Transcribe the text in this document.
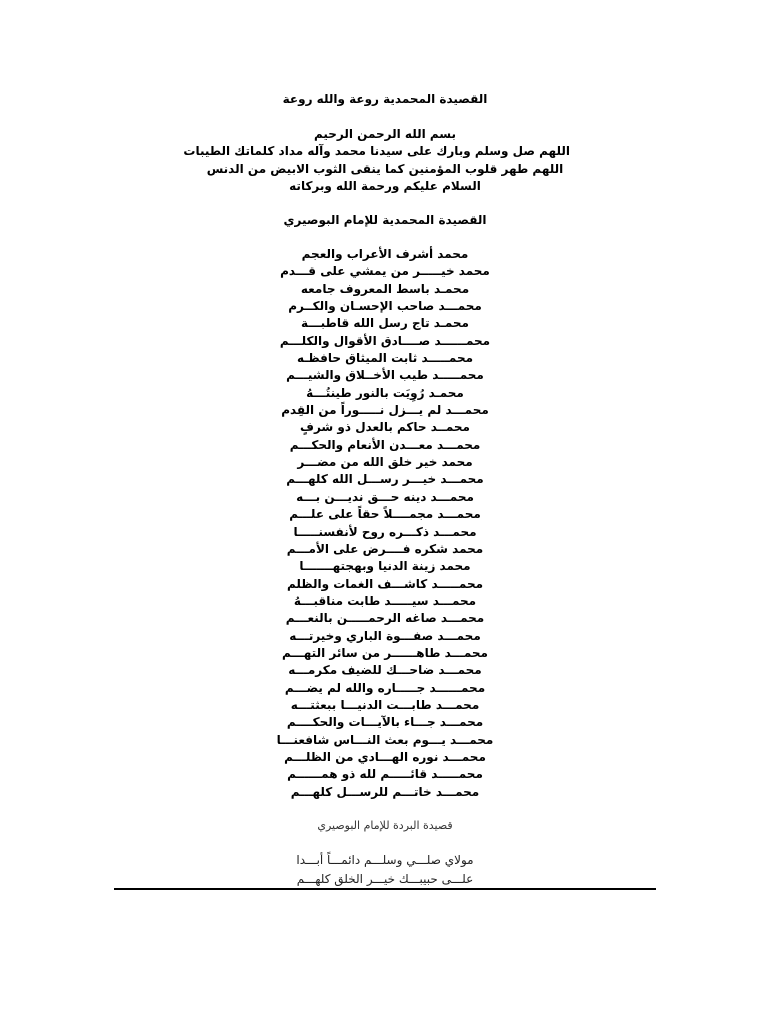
القصيدة المحمدية روعة والله روعة
بسم الله الرحمن الرحيم
اللهم صل وسلم وبارك على سيدنا محمد وآله مداد كلماتك الطيبات
اللهم طهر قلوب المؤمنين كما ينقى الثوب الابيض من الدنس
السلام عليكم ورحمة الله وبركاته
القصيدة المحمدية للإمام البوصيري
محمد أشرف الأعراب والعجم
محمد خيـــــر من يمشي على قـــدم
محمـد باسط المعروف جامعه
محمـــد صاحب الإحسـان والكــرم
محمـد تاج رسل الله قاطبـــة
محمــــــد صــــادق الأقوال والكلـــم
محمـــــد ثابت الميثاق حافظـه
محمـــــد طيب الأخــلاق والشيـــم
محمـد رُوِيَت بالنور طينتُـــهُ
محمـــد لم يـــزل نـــــوراً من القِدم
محمــد حاكم بالعدل ذو شرفٍ
محمـــد معـــدن الأنعام والحكـــم
محمد خير خلق الله من مضـــر
محمـــد خيـــر رســـل الله كلهـــم
محمـــد دينه حـــق نديـــن بـــه
محمـــد مجمــــلاً حقاً على علـــم
محمـــد ذكـــره روح لأنفسنـــــا
محمد شكره فــــرض على الأمـــم
محمد زينة الدنيا وبهجتهـــــــا
محمـــــد كاشـــف الغمات والظلم
محمـــد سيـــــد طابت مناقبـــهُ
محمـــد صاغه الرحمـــــن بالنعـــم
محمـــد صفـــوة الباري وخيرتـــه
محمـــد طاهــــــر من سائر التهـــم
محمـــد ضاحـــك للضيف مكرمـــه
محمــــــد جـــــاره والله لم يضـــم
محمـــد طابـــت الدنيـــا ببعثتـــه
محمـــد جـــاء بالآيـــات والحكــــم
محمـــد يـــوم بعث النـــاس شافعنـــا
محمـــد نوره الهـــادي من الظلـــم
محمـــــد قائـــــم لله ذو همــــــم
محمـــد خاتـــم للرســـل كلهـــم
قصيدة البردة للإمام البوصيري
مولاي صلـــي وسلـــم دائمـــاً أبـــدا
علـــى حبيبـــك خيـــر الخلق كلهـــم
